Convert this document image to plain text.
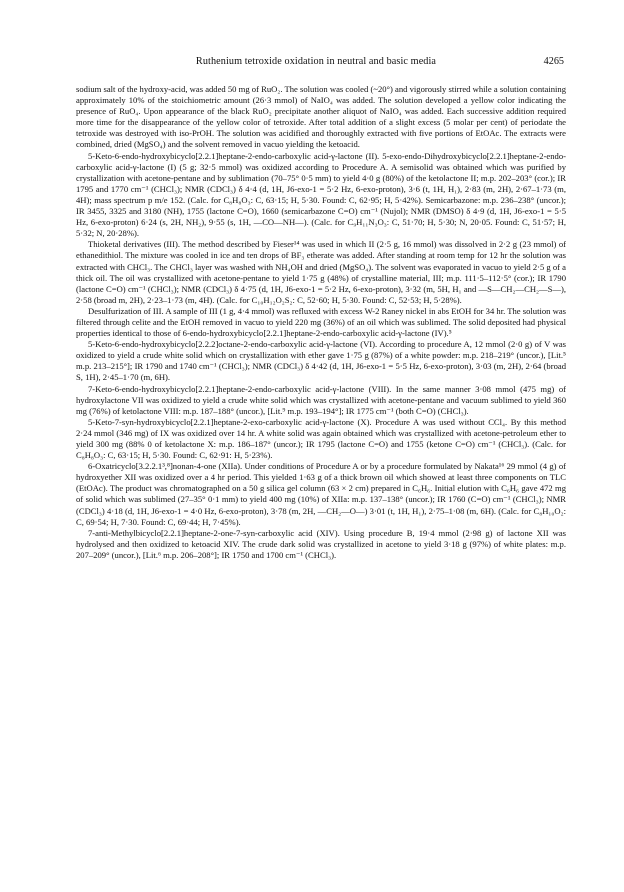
Ruthenium tetroxide oxidation in neutral and basic media	4265

sodium salt of the hydroxy-acid, was added 50 mg of RuO₂. The solution was cooled (~20°) and vigorously stirred while a solution containing approximately 10% of the stoichiometric amount (26·3 mmol) of NaIO₄ was added. The solution developed a yellow color indicating the presence of RuO₄. Upon appearance of the black RuO₂ precipitate another aliquot of NaIO₄ was added. Each successive addition required more time for the disappearance of the yellow color of tetroxide. After total addition of a slight excess (5 molar per cent) of periodate the tetroxide was destroyed with iso-PrOH. The solution was acidified and thoroughly extracted with five portions of EtOAc. The extracts were combined, dried (MgSO₄) and the solvent removed in vacuo yielding the ketoacid.

5-Keto-6-endo-hydroxybicyclo[2.2.1]heptane-2-endo-carboxylic acid-γ-lactone (II). 5-exo-endo-Dihydroxybicyclo[2.2.1]heptane-2-endo-carboxylic acid-γ-lactone (I) (5 g; 32·5 mmol) was oxidized according to Procedure A. A semisolid was obtained which was purified by crystallization with acetone-pentane and by sublimation (70–75° 0·5 mm) to yield 4·0 g (80%) of the ketolactone II; m.p. 202–203° (cor.); IR 1795 and 1770 cm⁻¹ (CHCl₃); NMR (CDCl₃) δ 4·4 (d, 1H, J6-exo-1 = 5·2 Hz, 6-exo-proton), 3·6 (t, 1H, H₁), 2·83 (m, 2H), 2·67–1·73 (m, 4H); mass spectrum p m/e 152. (Calc. for C₈H₈O₃: C, 63·15; H, 5·30. Found: C, 62·95; H, 5·42%). Semicarbazone: m.p. 236–238° (uncor.); IR 3455, 3325 and 3180 (NH), 1755 (lactone C=O), 1660 (semicarbazone C=O) cm⁻¹ (Nujol); NMR (DMSO) δ 4·9 (d, 1H, J6-exo-1 = 5·5 Hz, 6-exo-proton) 6·24 (s, 2H, NH₂), 9·55 (s, 1H, —CO—NH—). (Calc. for C₉H₁₁N₃O₃: C, 51·70; H, 5·30; N, 20·05. Found: C, 51·57; H, 5·32; N, 20·28%).

Thioketal derivatives (III). The method described by Fieser¹⁴ was used in which II (2·5 g, 16 mmol) was dissolved in 2·2 g (23 mmol) of ethanedithiol. The mixture was cooled in ice and ten drops of BF₃ etherate was added. After standing at room temp for 12 hr the solution was extracted with CHCl₃. The CHCl₃ layer was washed with NH₄OH and dried (MgSO₄). The solvent was evaporated in vacuo to yield 2·5 g of a thick oil. The oil was crystallized with acetone-pentane to yield 1·75 g (48%) of crystalline material, III; m.p. 111·5–112·5° (cor.); IR 1790 (lactone C=O) cm⁻¹ (CHCl₃); NMR (CDCl₃) δ 4·75 (d, 1H, J6-exo-1 = 5·2 Hz, 6-exo-proton), 3·32 (m, 5H, H₁ and —S—CH₂—CH₂—S—), 2·58 (broad m, 2H), 2·23–1·73 (m, 4H). (Calc. for C₁₀H₁₂O₂S₂: C, 52·60; H, 5·30. Found: C, 52·53; H, 5·28%).

Desulfurization of III. A sample of III (1 g, 4·4 mmol) was refluxed with excess W-2 Raney nickel in abs EtOH for 34 hr. The solution was filtered through celite and the EtOH removed in vacuo to yield 220 mg (36%) of an oil which was sublimed. The solid deposited had physical properties identical to those of 6-endo-hydroxybicyclo[2.2.1]heptane-2-endo-carboxylic acid-γ-lactone (IV).⁵

5-Keto-6-endo-hydroxybicyclo[2.2.2]octane-2-endo-carboxylic acid-γ-lactone (VI). According to procedure A, 12 mmol (2·0 g) of V was oxidized to yield a crude white solid which on crystallization with ether gave 1·75 g (87%) of a white powder: m.p. 218–219° (uncor.), [Lit.⁵ m.p. 213–215°]; IR 1790 and 1740 cm⁻¹ (CHCl₃); NMR (CDCl₃) δ 4·42 (d, 1H, J6-exo-1 = 5·5 Hz, 6-exo-proton), 3·03 (m, 2H), 2·64 (broad S, 1H), 2·45–1·70 (m, 6H).

7-Keto-6-endo-hydroxybicyclo[2.2.1]heptane-2-endo-carboxylic acid-γ-lactone (VIII). In the same manner 3·08 mmol (475 mg) of hydroxylactone VII was oxidized to yield a crude white solid which was crystallized with acetone-pentane and vacuum sublimed to yield 360 mg (76%) of ketolactone VIII: m.p. 187–188° (uncor.), [Lit.⁹ m.p. 193–194°]; IR 1775 cm⁻¹ (both C=O) (CHCl₃).

5-Keto-7-syn-hydroxybicyclo[2.2.1]heptane-2-exo-carboxylic acid-γ-lactone (X). Procedure A was used without CCl₄. By this method 2·24 mmol (346 mg) of IX was oxidized over 14 hr. A white solid was again obtained which was crystallized with acetone-petroleum ether to yield 300 mg (88% 0 of ketolactone X: m.p. 186–187° (uncor.); IR 1795 (lactone C=O) and 1755 (ketone C=O) cm⁻¹ (CHCl₃). (Calc. for C₈H₈O₃: C, 63·15; H, 5·30. Found: C, 62·91: H, 5·23%).

6-Oxatricyclo[3.2.2.1³,⁸]nonan-4-one (XIIa). Under conditions of Procedure A or by a procedure formulated by Nakata¹⁶ 29 mmol (4 g) of hydroxyether XII was oxidized over a 4 hr period. This yielded 1·63 g of a thick brown oil which showed at least three components on TLC (EtOAc). The product was chromatographed on a 50 g silica gel column (63 × 2 cm) prepared in C₆H₆. Initial elution with C₆H₆ gave 472 mg of solid which was sublimed (27–35° 0·1 mm) to yield 400 mg (10%) of XIIa: m.p. 137–138° (uncor.); IR 1760 (C=O) cm⁻¹ (CHCl₃); NMR (CDCl₃) 4·18 (d, 1H, J6-exo-1 = 4·0 Hz, 6-exo-proton), 3·78 (m, 2H, —CH₂—O—) 3·01 (t, 1H, H₁), 2·75–1·08 (m, 6H). (Calc. for C₈H₁₀O₂: C, 69·54; H, 7·30. Found: C, 69·44; H, 7·45%).

7-anti-Methylbicyclo[2.2.1]heptane-2-one-7-syn-carboxylic acid (XIV). Using procedure B, 19·4 mmol (2·98 g) of lactone XII was hydrolysed and then oxidized to ketoacid XIV. The crude dark solid was crystallized in acetone to yield 3·18 g (97%) of white plates: m.p. 207–209° (uncor.), [Lit.⁶ m.p. 206–208°]; IR 1750 and 1700 cm⁻¹ (CHCl₃).
